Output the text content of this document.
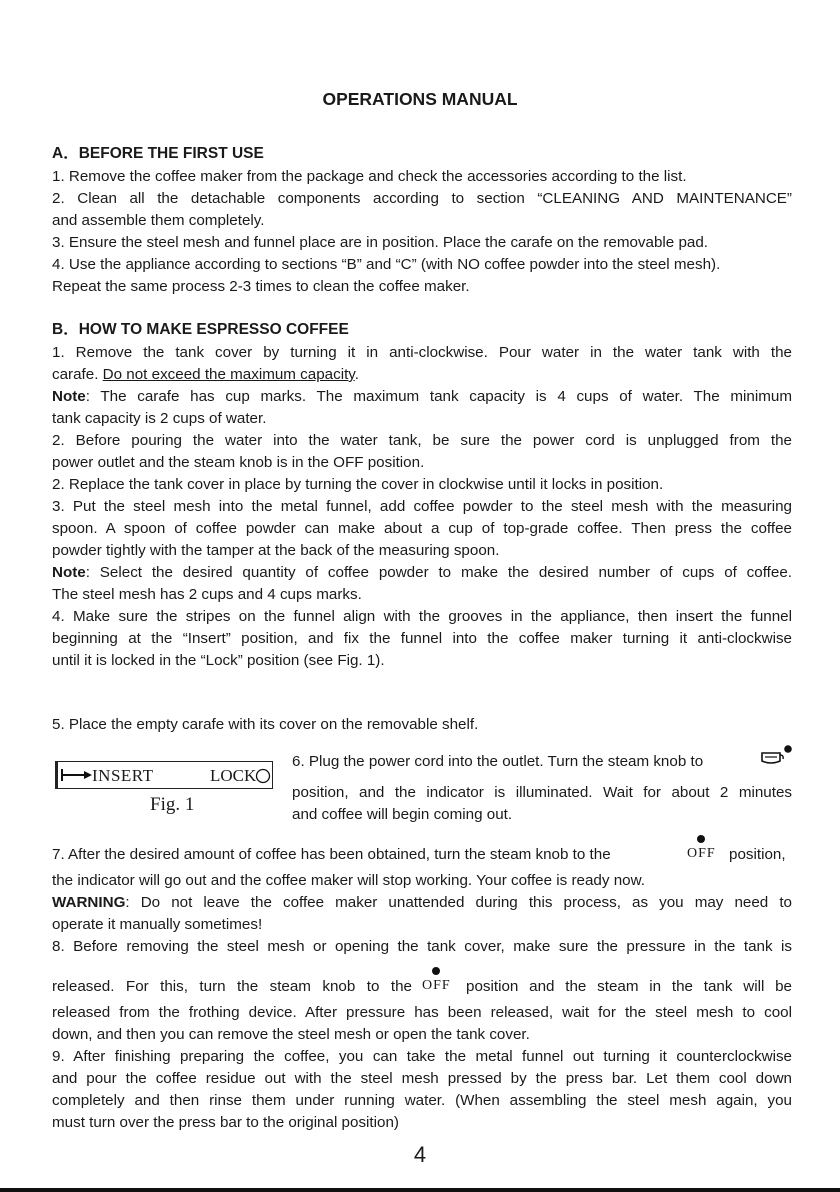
OPERATIONS MANUAL
A．BEFORE THE FIRST USE
1. Remove the coffee maker from the package and check the accessories according to the list.
2. Clean all the detachable components according to section “CLEANING AND MAINTENANCE”
and assemble them completely.
3. Ensure the steel mesh and funnel place are in position. Place the carafe on the removable pad.
4. Use the appliance according to sections “B” and “C” (with NO coffee powder into the steel mesh).
Repeat the same process 2-3 times to clean the coffee maker.
B．HOW TO MAKE ESPRESSO COFFEE
1. Remove the tank cover by turning it in anti-clockwise. Pour water in the water tank with the
carafe. Do not exceed the maximum capacity.
Note: The carafe has cup marks. The maximum tank capacity is 4 cups of water. The minimum
tank capacity is 2 cups of water.
2. Before pouring the water into the water tank, be sure the power cord is unplugged from the
power outlet and the steam knob is in the OFF position.
2. Replace the tank cover in place by turning the cover in clockwise until it locks in position.
3. Put the steel mesh into the metal funnel, add coffee powder to the steel mesh with the measuring
spoon. A spoon of coffee powder can make about a cup of top-grade coffee. Then press the coffee
powder tightly with the tamper at the back of the measuring spoon.
Note: Select the desired quantity of coffee powder to make the desired number of cups of coffee.
The steel mesh has 2 cups and 4 cups marks.
4. Make sure the stripes on the funnel align with the grooves in the appliance, then insert the funnel
beginning at the “Insert” position, and fix the funnel into the coffee maker turning it anti-clockwise
until it is locked in the “Lock” position (see Fig. 1).
5. Place the empty carafe with its cover on the removable shelf.
INSERT	LOCK
Fig. 1
6. Plug the power cord into the outlet. Turn the steam knob to
position, and the indicator is illuminated. Wait for about 2 minutes
and coffee will begin coming out.
7. After the desired amount of coffee has been obtained, turn the steam knob to the	OFF position,
the indicator will go out and the coffee maker will stop working. Your coffee is ready now.
WARNING: Do not leave the coffee maker unattended during this process, as you may need to
operate it manually sometimes!
8. Before removing the steel mesh or opening the tank cover, make sure the pressure in the tank is
released. For this, turn the steam knob to the OFF position and the steam in the tank will be
released from the frothing device. After pressure has been released, wait for the steel mesh to cool
down, and then you can remove the steel mesh or open the tank cover.
9. After finishing preparing the coffee, you can take the metal funnel out turning it counterclockwise
and pour the coffee residue out with the steel mesh pressed by the press bar. Let them cool down
completely and then rinse them under running water. (When assembling the steel mesh again, you
must turn over the press bar to the original position)
4
